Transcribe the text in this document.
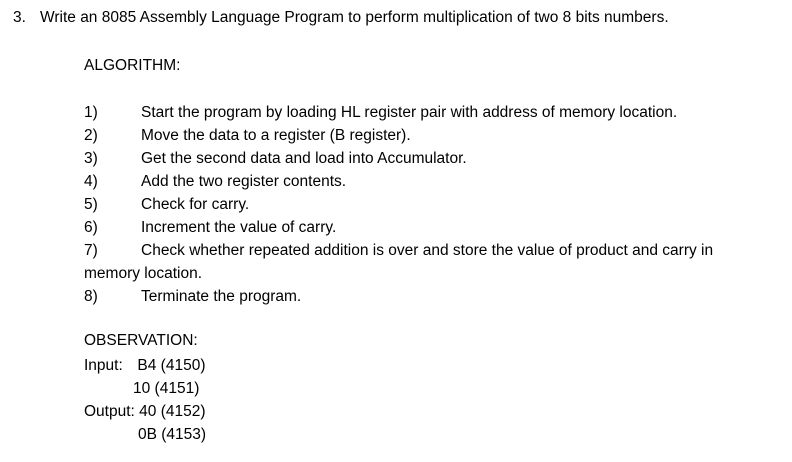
3. Write an 8085 Assembly Language Program to perform multiplication of two 8 bits numbers.
ALGORITHM:
1)	Start the program by loading HL register pair with address of memory location.
2)	Move the data to a register (B register).
3)	Get the second data and load into Accumulator.
4)	Add the two register contents.
5)	Check for carry.
6)	Increment the value of carry.
7)	Check whether repeated addition is over and store the value of product and carry in
memory location.
8)	Terminate the program.
OBSERVATION:
Input: B4 (4150)
10 (4151)
Output: 40 (4152)
0B (4153)
